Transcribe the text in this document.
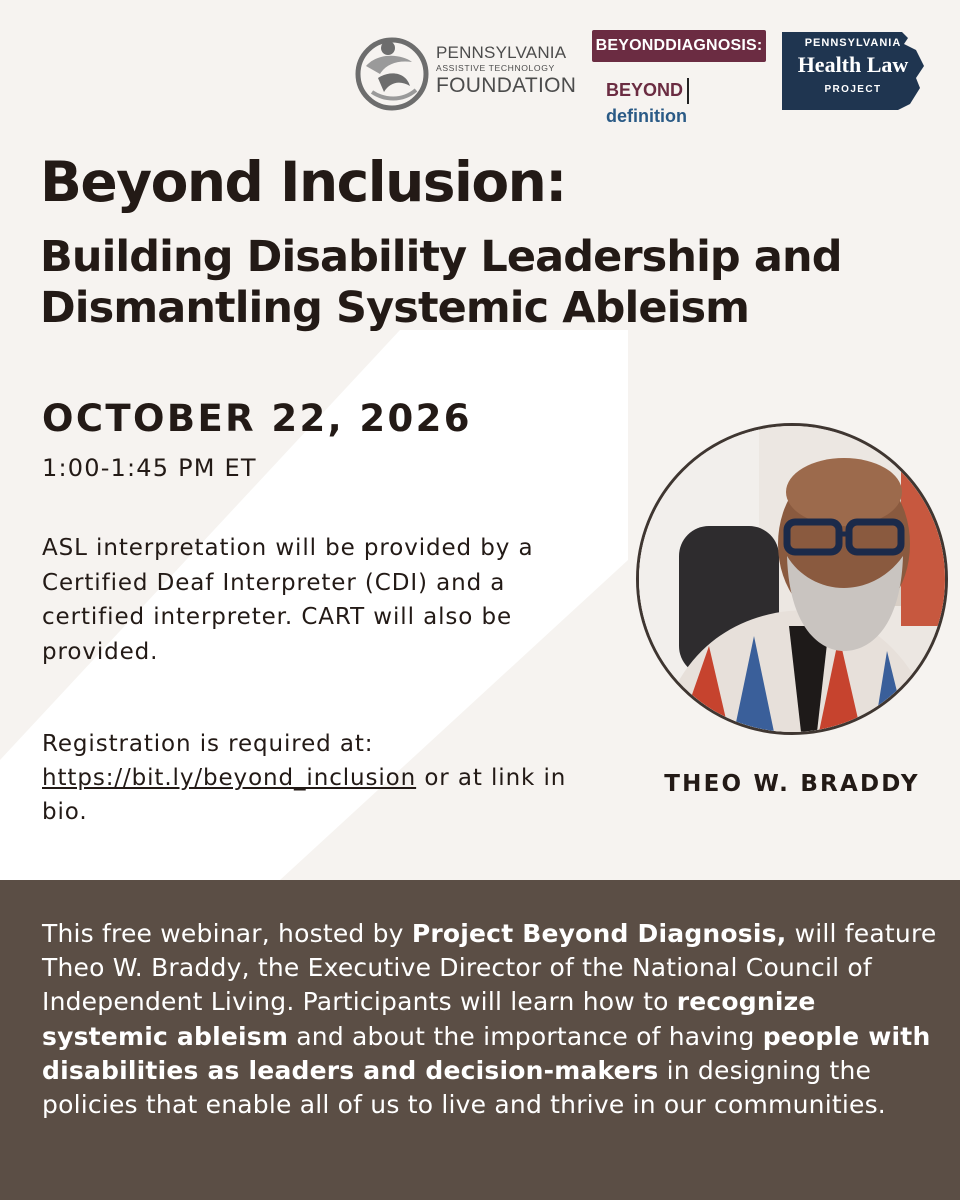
PENNSYLVANIA
ASSISTIVE TECHNOLOGY
FOUNDATION
BEYONDDIAGNOSIS:
BEYONDdefinition
PENNSYLVANIA
Health Law
PROJECT
Beyond Inclusion:
Building Disability Leadership and Dismantling Systemic Ableism
OCTOBER 22, 2026
1:00-1:45 PM ET
ASL interpretation will be provided by a Certified Deaf Interpreter (CDI) and a certified interpreter. CART will also be provided.
Registration is required at:
https://bit.ly/beyond_inclusion or at link in bio.
THEO W. BRADDY

This free webinar, hosted by Project Beyond Diagnosis, will feature Theo W. Braddy, the Executive Director of the National Council of Independent Living. Participants will learn how to recognize systemic ableism and about the importance of having people with disabilities as leaders and decision-makers in designing the policies that enable all of us to live and thrive in our communities.
